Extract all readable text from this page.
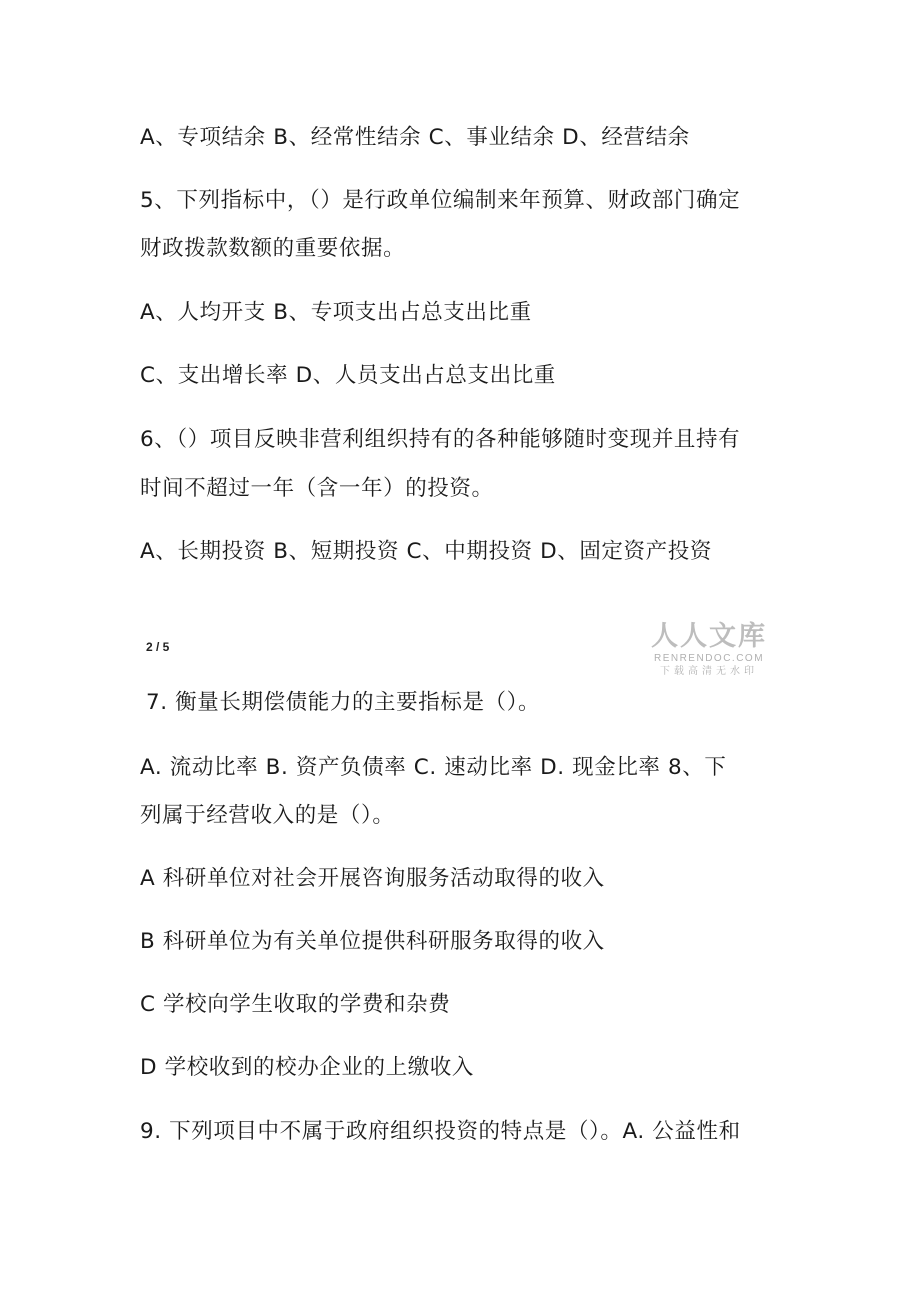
A、专项结余 B、经常性结余 C、事业结余 D、经营结余
5、下列指标中，（）是行政单位编制来年预算、财政部门确定
财政拨款数额的重要依据。
A、人均开支 B、专项支出占总支出比重
C、支出增长率 D、人员支出占总支出比重
6、（）项目反映非营利组织持有的各种能够随时变现并且持有
时间不超过一年（含一年）的投资。
A、长期投资 B、短期投资 C、中期投资 D、固定资产投资
2 / 5	人人文库
RENRENDOC.COM
下载高清无水印
7. 衡量长期偿债能力的主要指标是（）。
A. 流动比率 B. 资产负债率 C. 速动比率 D. 现金比率 8、下
列属于经营收入的是（）。
A 科研单位对社会开展咨询服务活动取得的收入
B 科研单位为有关单位提供科研服务取得的收入
C 学校向学生收取的学费和杂费
D 学校收到的校办企业的上缴收入
9. 下列项目中不属于政府组织投资的特点是（）。A. 公益性和
